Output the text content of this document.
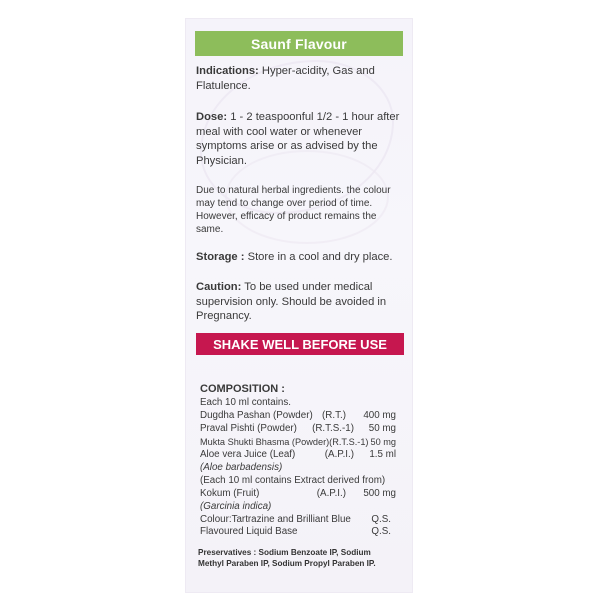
Saunf Flavour
Indications: Hyper-acidity, Gas and Flatulence.
Dose: 1 - 2 teaspoonful 1/2 - 1 hour after meal with cool water or whenever symptoms arise or as advised by the Physician.
Due to natural herbal ingredients. the colour may tend to change over period of time. However, efficacy of product remains the same.
Storage : Store in a cool and dry place.
Caution: To be used under medical supervision only. Should be avoided in Pregnancy.
SHAKE WELL BEFORE USE
COMPOSITION :
Each 10 ml contains.
Dugdha Pashan (Powder) (R.T.) 400 mg
Praval Pishti (Powder) (R.T.S.-1) 50 mg
Mukta Shukti Bhasma (Powder)(R.T.S.-1) 50 mg
Aloe vera Juice (Leaf)	(A.P.I.) 1.5 ml
(Aloe barbadensis)
(Each 10 ml contains Extract derived from)
Kokum (Fruit)	(A.P.I.) 500 mg
(Garcinia indica)
Colour:Tartrazine and Brilliant Blue Q.S.
Flavoured Liquid Base	Q.S.
Preservatives : Sodium Benzoate IP, Sodium Methyl Paraben IP, Sodium Propyl Paraben IP.
